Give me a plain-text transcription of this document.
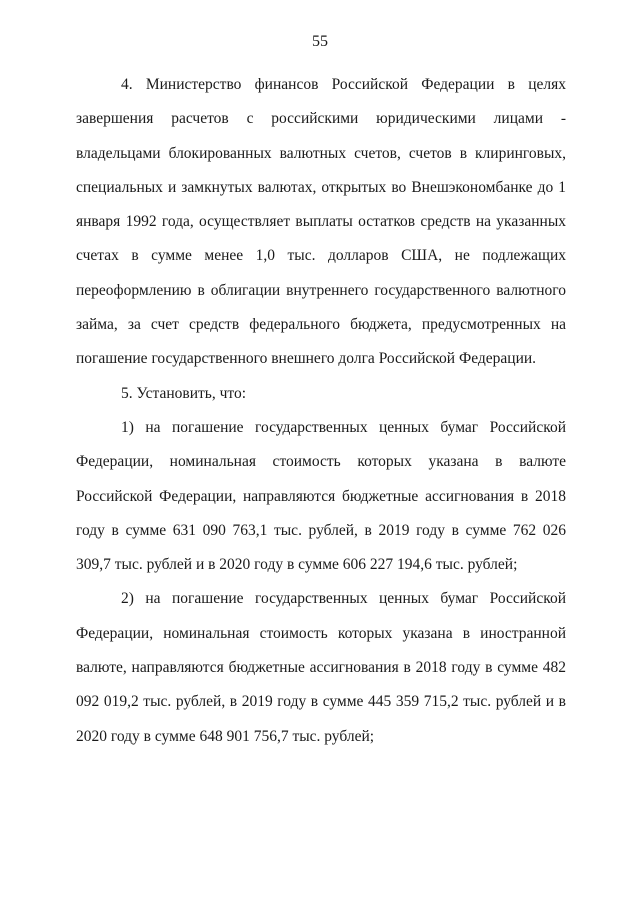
55

4. Министерство финансов Российской Федерации в целях завершения расчетов с российскими юридическими лицами - владельцами блокированных валютных счетов, счетов в клиринговых, специальных и замкнутых валютах, открытых во Внешэкономбанке до 1 января 1992 года, осуществляет выплаты остатков средств на указанных счетах в сумме менее 1,0 тыс. долларов США, не подлежащих переоформлению в облигации внутреннего государственного валютного займа, за счет средств федерального бюджета, предусмотренных на погашение государственного внешнего долга Российской Федерации.

5. Установить, что:

1) на погашение государственных ценных бумаг Российской Федерации, номинальная стоимость которых указана в валюте Российской Федерации, направляются бюджетные ассигнования в 2018 году в сумме 631 090 763,1 тыс. рублей, в 2019 году в сумме 762 026 309,7 тыс. рублей и в 2020 году в сумме 606 227 194,6 тыс. рублей;

2) на погашение государственных ценных бумаг Российской Федерации, номинальная стоимость которых указана в иностранной валюте, направляются бюджетные ассигнования в 2018 году в сумме 482 092 019,2 тыс. рублей, в 2019 году в сумме 445 359 715,2 тыс. рублей и в 2020 году в сумме 648 901 756,7 тыс. рублей;
